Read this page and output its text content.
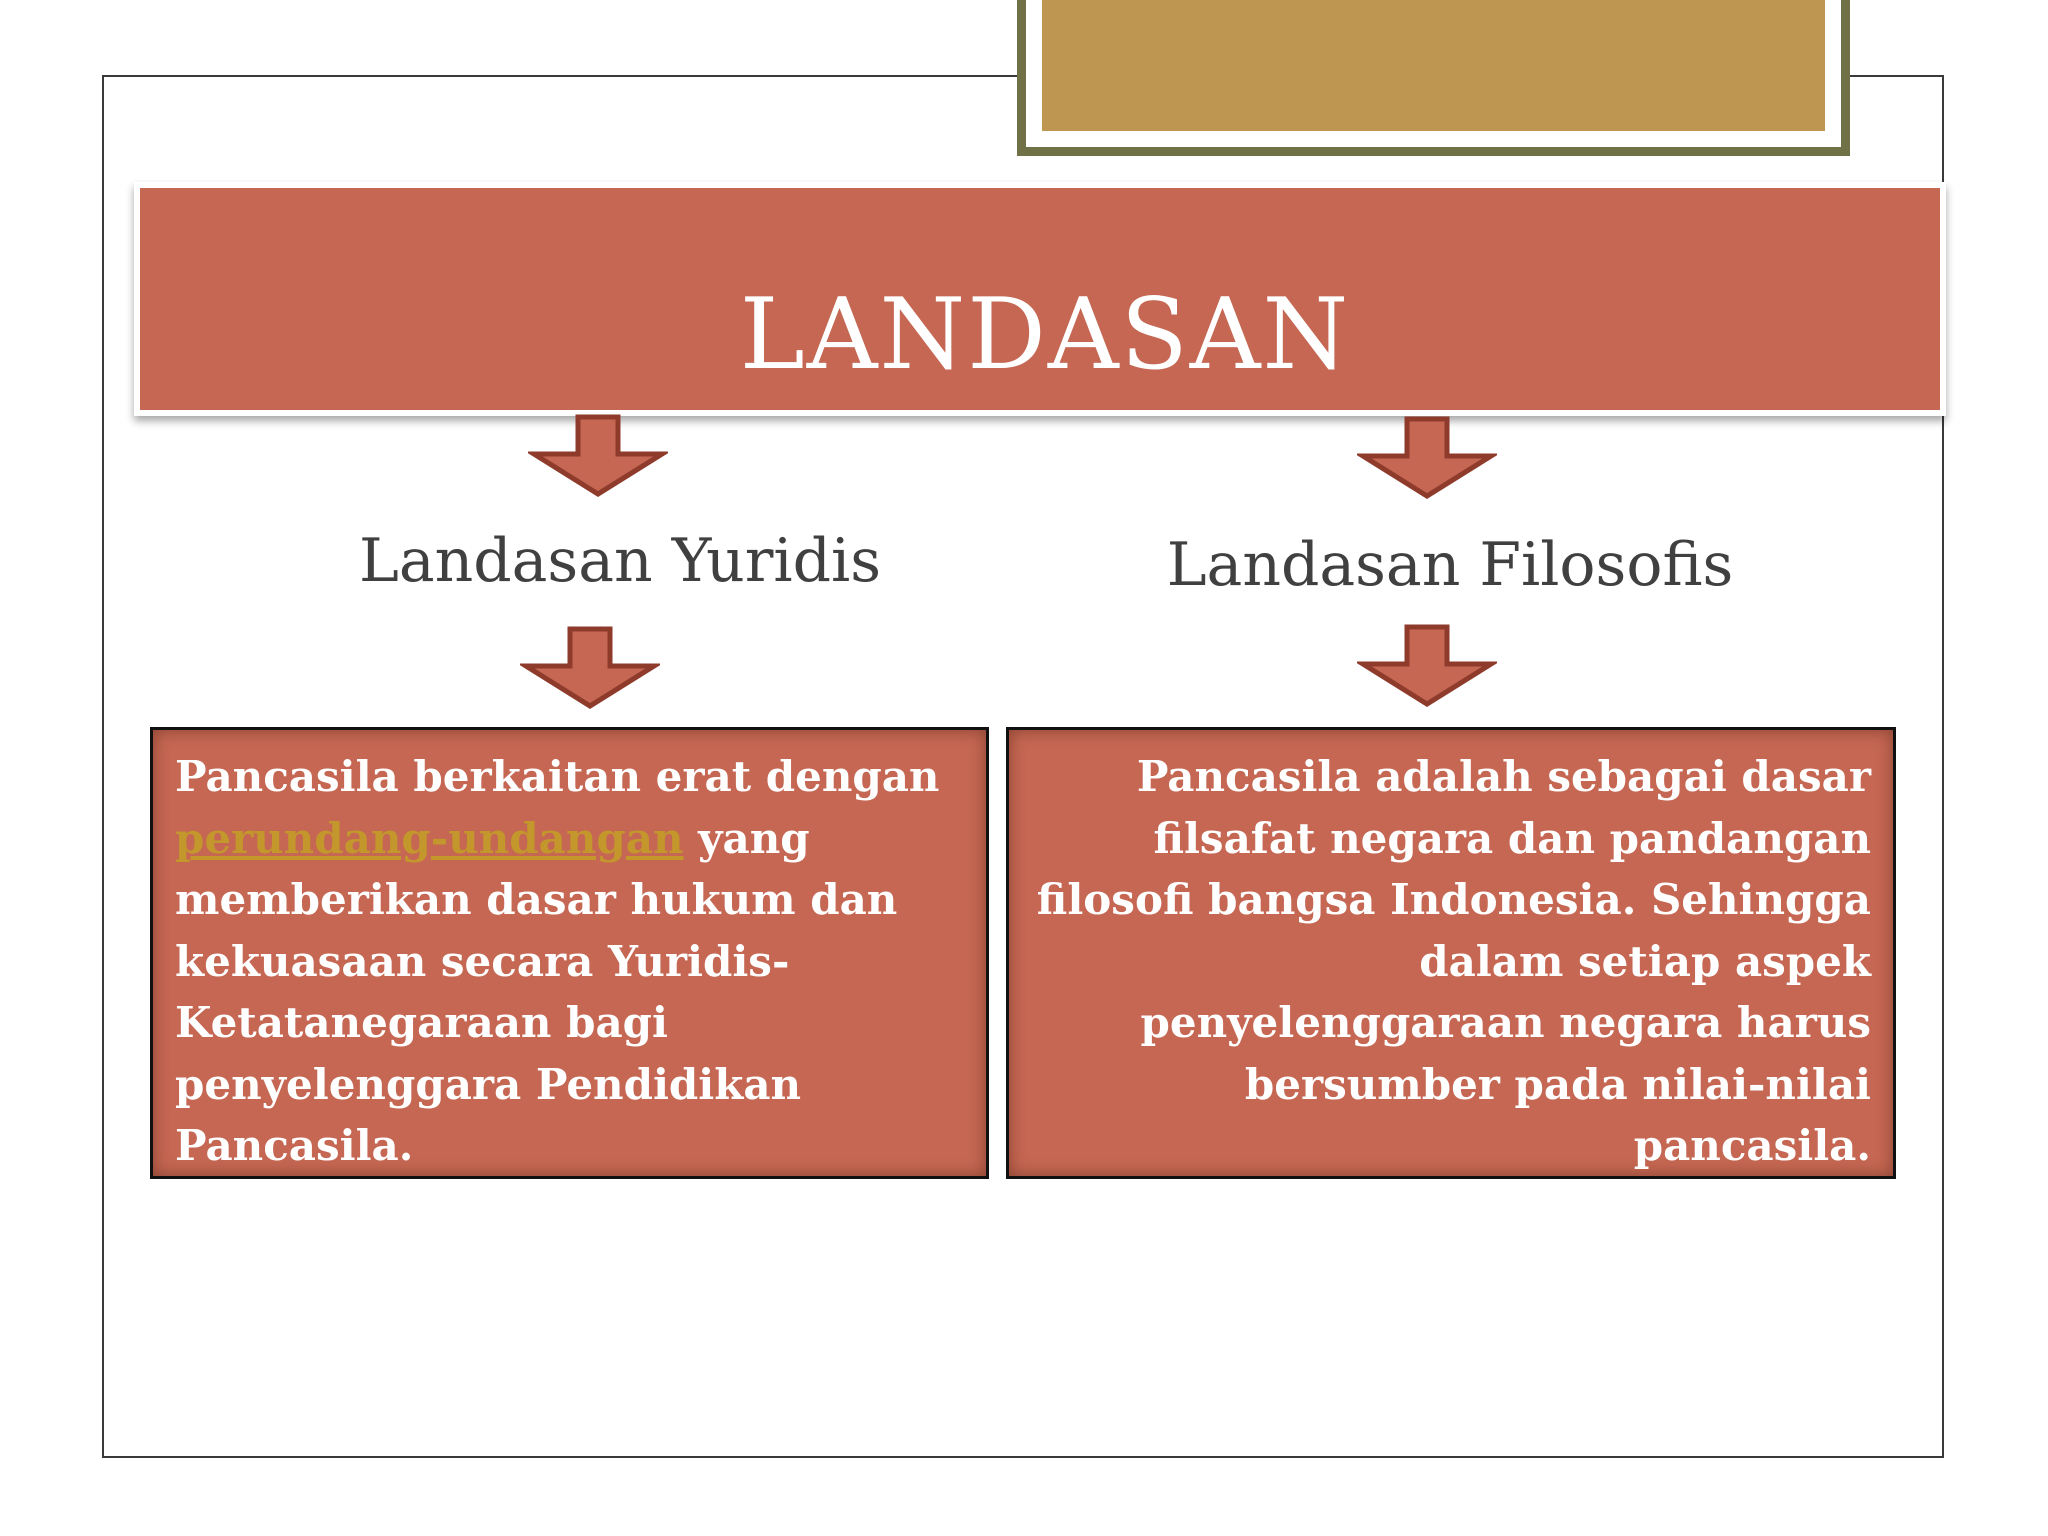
LANDASAN
Landasan Yuridis	Landasan Filosofis
Pancasila berkaitan erat dengan
perundang-undangan yang
memberikan dasar hukum dan
kekuasaan secara Yuridis-
Ketatanegaraan bagi
penyelenggara Pendidikan
Pancasila.
Pancasila adalah sebagai dasar
filsafat negara dan pandangan
filosofi bangsa Indonesia. Sehingga
dalam setiap aspek
penyelenggaraan negara harus
bersumber pada nilai-nilai
pancasila.
